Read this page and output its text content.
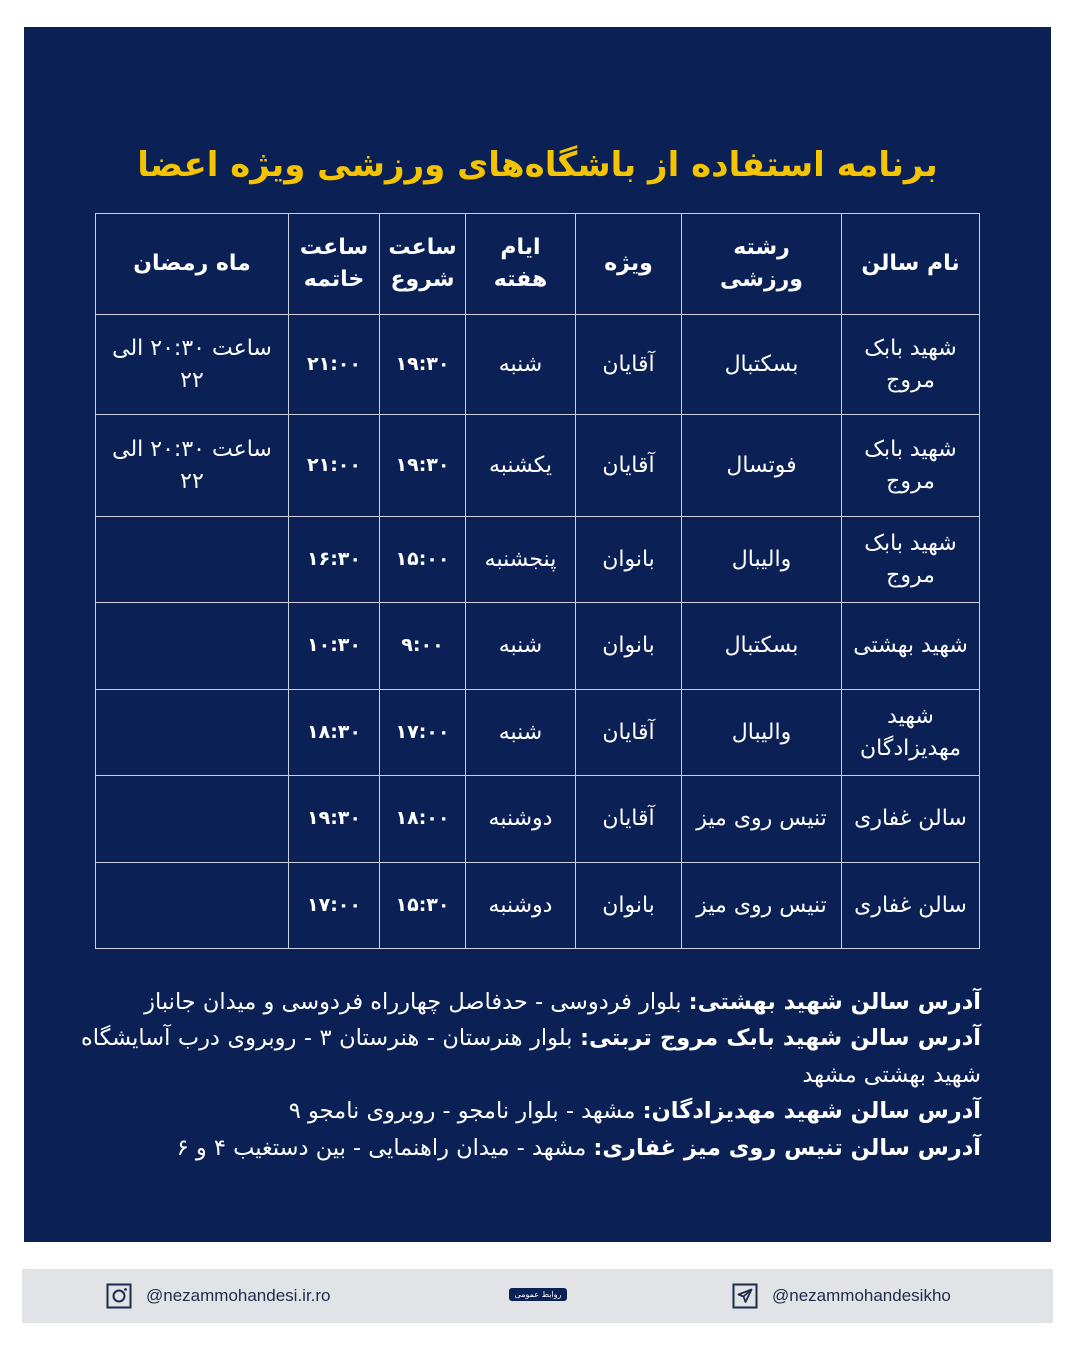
برنامه استفاده از باشگاه‌های ورزشی ویژه اعضا
نام سالن	رشته ورزشی	ویژه	ایام هفته	ساعت شروع	ساعت خاتمه	ماه رمضان
شهید بابک مروج	بسکتبال	آقایان	شنبه	۱۹:۳۰	۲۱:۰۰	ساعت ۲۰:۳۰ الی ۲۲
شهید بابک مروج	فوتسال	آقایان	یکشنبه	۱۹:۳۰	۲۱:۰۰	ساعت ۲۰:۳۰ الی ۲۲
شهید بابک مروج	والیبال	بانوان	پنجشنبه	۱۵:۰۰	۱۶:۳۰	
شهید بهشتی	بسکتبال	بانوان	شنبه	۹:۰۰	۱۰:۳۰	
شهید مهدیزادگان	والیبال	آقایان	شنبه	۱۷:۰۰	۱۸:۳۰	
سالن غفاری	تنیس روی میز	آقایان	دوشنبه	۱۸:۰۰	۱۹:۳۰	
سالن غفاری	تنیس روی میز	بانوان	دوشنبه	۱۵:۳۰	۱۷:۰۰	

آدرس سالن شهید بهشتی: بلوار فردوسی - حدفاصل چهارراه فردوسی و میدان جانباز

آدرس سالن شهید بابک مروج تربتی: بلوار هنرستان - هنرستان ۳ - روبروی درب آسایشگاه شهید بهشتی مشهد

آدرس سالن شهید مهدیزادگان: مشهد - بلوار نامجو - روبروی نامجو ۹

آدرس سالن تنیس روی میز غفاری: مشهد - میدان راهنمایی - بین دستغیب ۴ و ۶

@nezammohandesi.ir.ro	روابط عمومی	@nezammohandesikho
